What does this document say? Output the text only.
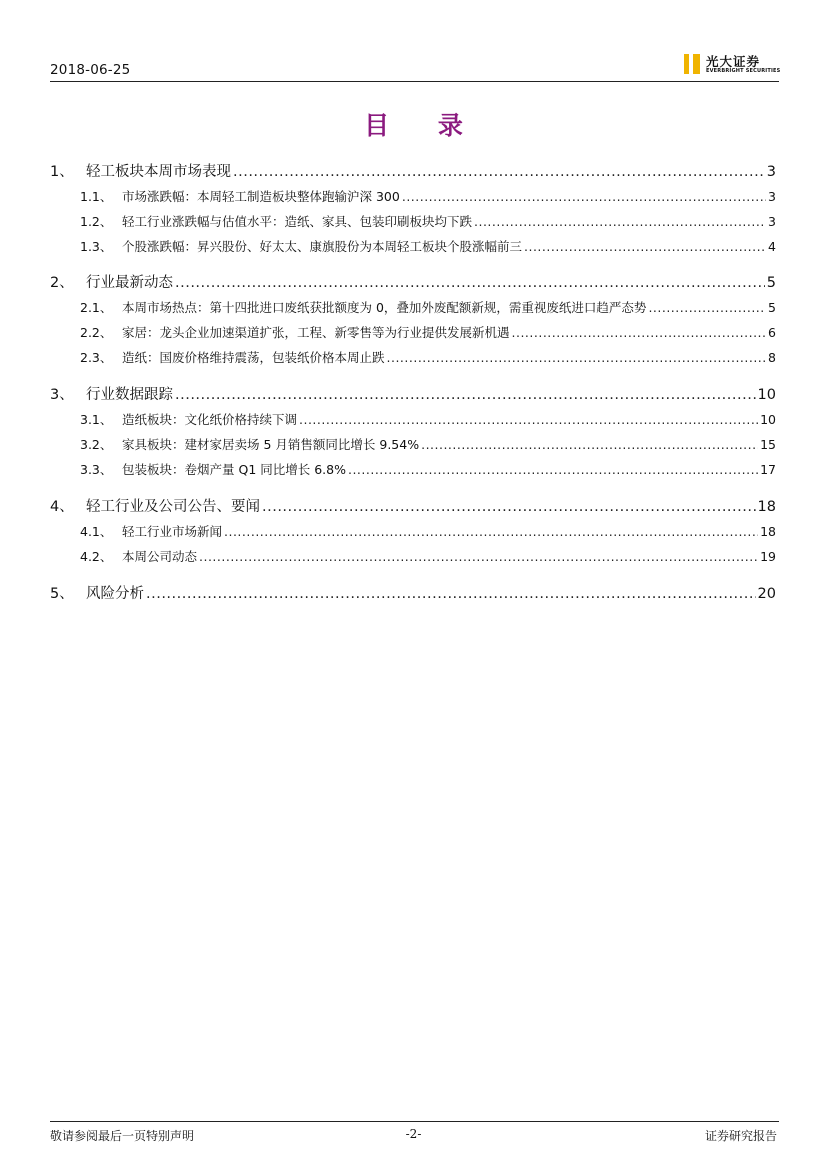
2018-06-25
光大证券
EVERBRIGHT SECURITIES
目 录
1、 轻工板块本周市场表现 .....	3
1.1、 市场涨跌幅：本周轻工制造板块整体跑输沪深 300 .....	3
1.2、 轻工行业涨跌幅与估值水平：造纸、家具、包装印刷板块均下跌 .....	3
1.3、 个股涨跌幅：昇兴股份、好太太、康旗股份为本周轻工板块个股涨幅前三 .....	4
2、 行业最新动态 .....	5
2.1、 本周市场热点：第十四批进口废纸获批额度为 0，叠加外废配额新规，需重视废纸进口趋严态势 .....	5
2.2、 家居：龙头企业加速渠道扩张，工程、新零售等为行业提供发展新机遇 .....	6
2.3、 造纸：国废价格维持震荡，包装纸价格本周止跌 .....	8
3、 行业数据跟踪 .....	10
3.1、 造纸板块：文化纸价格持续下调 .....	10
3.2、 家具板块：建材家居卖场 5 月销售额同比增长 9.54% .....	15
3.3、 包装板块：卷烟产量 Q1 同比增长 6.8% .....	17
4、 轻工行业及公司公告、要闻 .....	18
4.1、 轻工行业市场新闻 .....	18
4.2、 本周公司动态 .....	19
5、 风险分析 .....	20
敬请参阅最后一页特别声明	-2-	证券研究报告
